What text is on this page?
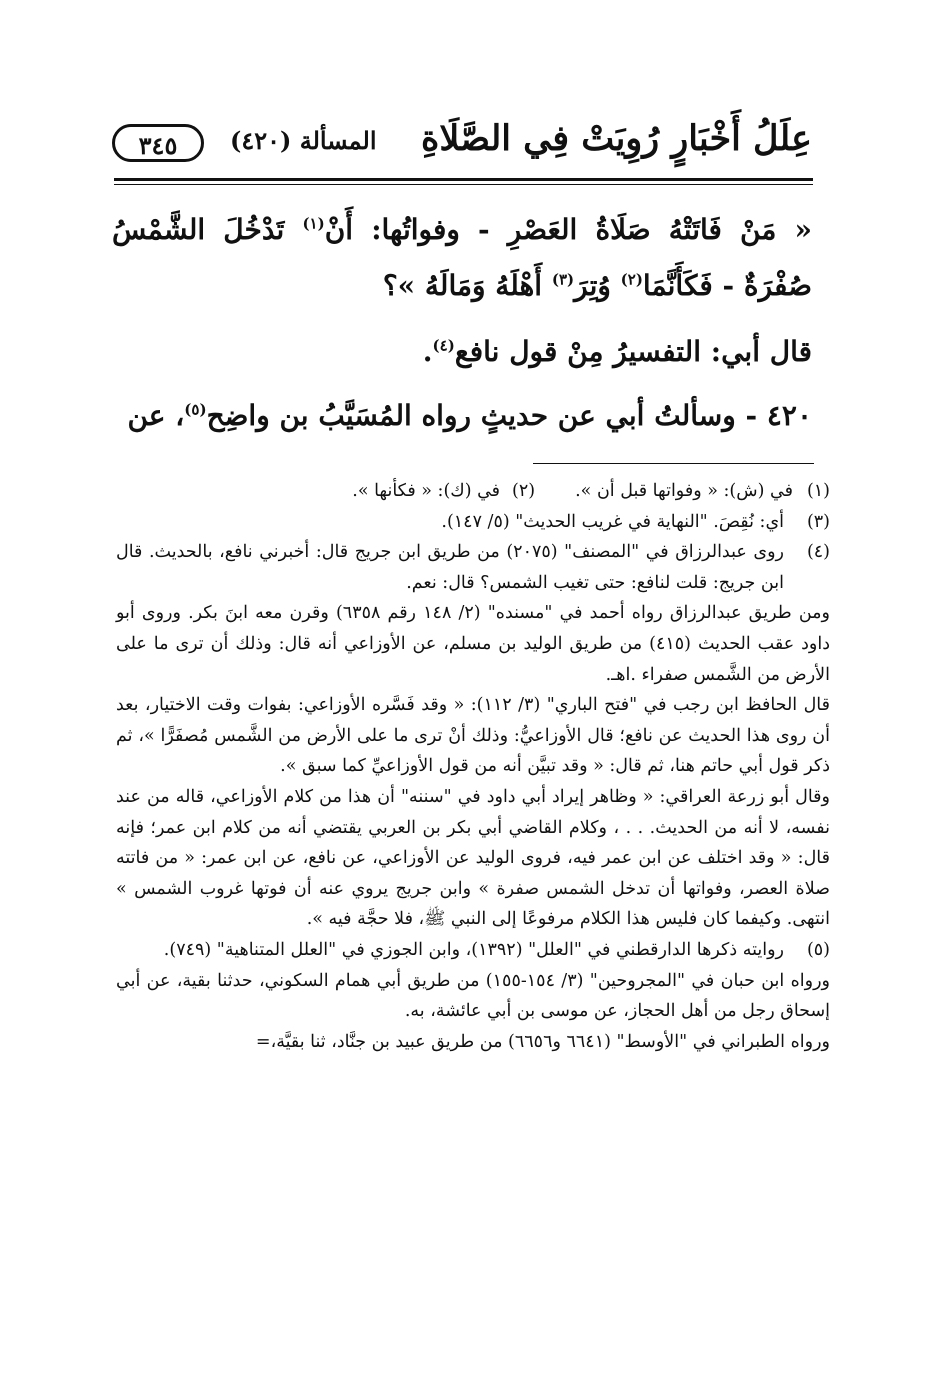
عِلَلُ أَخْبَارٍ رُوِيَتْ فِي الصَّلَاةِ
المسألة (٤٢٠)
٣٤٥

« مَنْ فَاتَتْهُ صَلَاةُ العَصْرِ - وفواتُها: أَنْ$^{(١)}$ تَدْخُلَ الشَّمْسُ صُفْرَةٌ - فَكَأَنَّمَا$^{(٢)}$ وُتِرَ$^{(٣)}$ أَهْلَهُ وَمَالَهُ »؟

قال أبي: التفسيرُ مِنْ قول نافع$^{(٤)}$.

٤٢٠ - وسألتُ أبي عن حديثٍ رواه المُسَيَّبُ بن واضِح$^{(٥)}$، عن

(١)
في (ش): « وفواتها قبل أن ».
(٢)
في (ك): « فكأنها ».
(٣)

أي: نُقِصَ. "النهاية في غريب الحديث" (٥/ ١٤٧).

(٤)

روى عبدالرزاق في "المصنف" (٢٠٧٥) من طريق ابن جريج قال: أخبرني نافع، بالحديث. قال ابن جريج: قلت لنافع: حتى تغيب الشمس؟ قال: نعم.

ومن طريق عبدالرزاق رواه أحمد في "مسنده" (٢/ ١٤٨ رقم ٦٣٥٨) وقرن معه ابنَ بكر. وروى أبو داود عقب الحديث (٤١٥) من طريق الوليد بن مسلم، عن الأوزاعي أنه قال: وذلك أن ترى ما على الأرض من الشَّمس صفراء .اهـ.

قال الحافظ ابن رجب في "فتح الباري" (٣/ ١١٢): « وقد فَسَّره الأوزاعي: بفوات وقت الاختيار، بعد أن روى هذا الحديث عن نافع؛ قال الأوزاعيُّ: وذلك أنْ ترى ما على الأرض من الشَّمس مُصفَرًّا »، ثم ذكر قول أبي حاتم هنا، ثم قال: « وقد تبيَّن أنه من قول الأوزاعيِّ كما سبق ».

وقال أبو زرعة العراقي: « وظاهر إيراد أبي داود في "سننه" أن هذا من كلام الأوزاعي، قاله من عند نفسه، لا أنه من الحديث. . . ، وكلام القاضي أبي بكر بن العربي يقتضي أنه من كلام ابن عمر؛ فإنه قال: « وقد اختلف عن ابن عمر فيه، فروى الوليد عن الأوزاعي، عن نافع، عن ابن عمر: « من فاتته صلاة العصر، وفواتها أن تدخل الشمس صفرة » وابن جريج يروي عنه أن فوتها غروب الشمس » انتهى. وكيفما كان فليس هذا الكلام مرفوعًا إلى النبي ﷺ، فلا حجَّة فيه ».

(٥)

روايته ذكرها الدارقطني في "العلل" (١٣٩٢)، وابن الجوزي في "العلل المتناهية" (٧٤٩).

ورواه ابن حبان في "المجروحين" (٣/ ١٥٤-١٥٥) من طريق أبي همام السكوني، حدثنا بقية، عن أبي إسحاق رجل من أهل الحجاز، عن موسى بن أبي عائشة، به.

ورواه الطبراني في "الأوسط" (٦٦٤١ و٦٦٥٦) من طريق عبيد بن جنَّاد، ثنا بقيَّة،=
